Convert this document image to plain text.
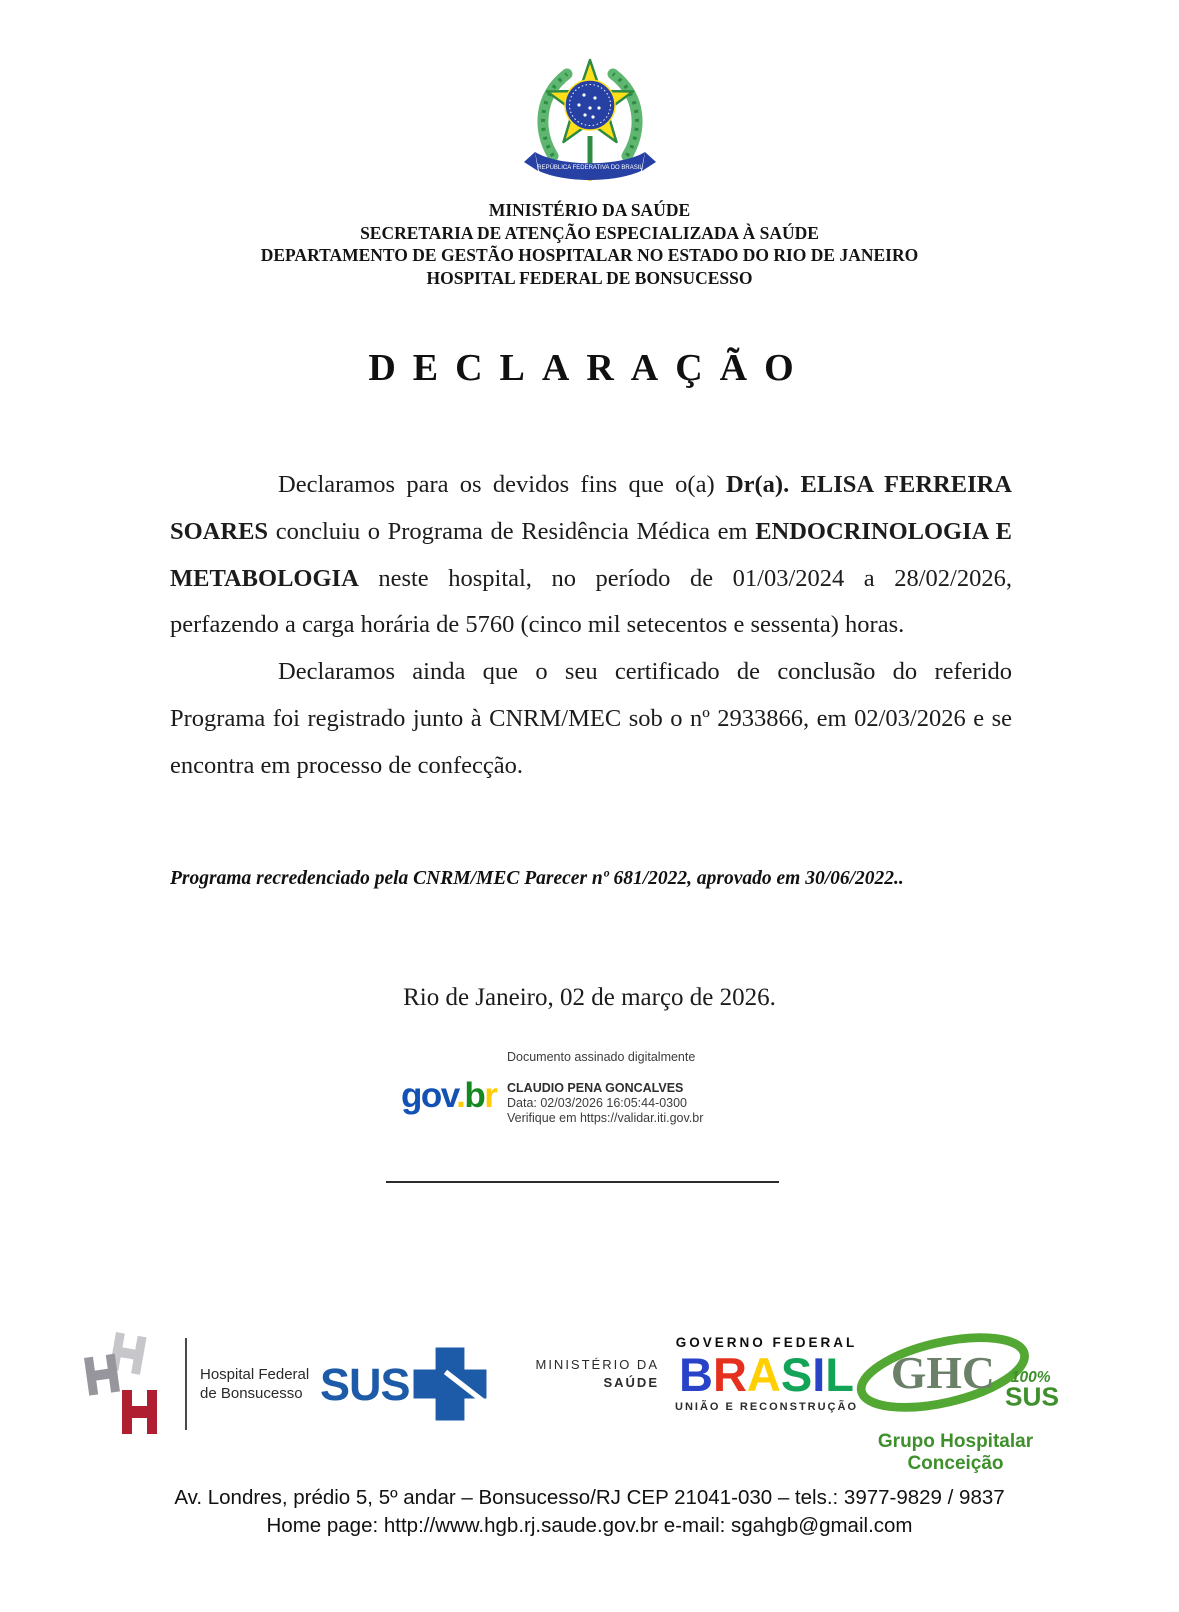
REPÚBLICA FEDERATIVA DO BRASIL
MINISTÉRIO DA SAÚDE
SECRETARIA DE ATENÇÃO ESPECIALIZADA À SAÚDE
DEPARTAMENTO DE GESTÃO HOSPITALAR NO ESTADO DO RIO DE JANEIRO
HOSPITAL FEDERAL DE BONSUCESSO
DECLARAÇÃO

Declaramos para os devidos fins que o(a) Dr(a). ELISA FERREIRA SOARES concluiu o Programa de Residência Médica em ENDOCRINOLOGIA E METABOLOGIA neste hospital, no período de 01/03/2024 a 28/02/2026, perfazendo a carga horária de 5760 (cinco mil setecentos e sessenta) horas.

Declaramos ainda que o seu certificado de conclusão do referido Programa foi registrado junto à CNRM/MEC sob o nº 2933866, em 02/03/2026 e se encontra em processo de confecção.

Programa recredenciado pela CNRM/MEC Parecer nº 681/2022, aprovado em 30/06/2022..
Rio de Janeiro, 02 de março de 2026.
gov.br
Documento assinado digitalmente
CLAUDIO PENA GONCALVES
Data: 02/03/2026 16:05:44-0300
Verifique em https://validar.iti.gov.br
Hospital Federal
de Bonsucesso SUS	MINISTÉRIO DA
SAÚDE
GOVERNO FEDERAL
BRASIL
UNIÃO E RECONSTRUÇÃO
GHC 100%
SUS
Grupo Hospitalar Conceição
Av. Londres, prédio 5, 5º andar – Bonsucesso/RJ CEP 21041-030 – tels.: 3977-9829 / 9837
Home page: http://www.hgb.rj.saude.gov.br e-mail: sgahgb@gmail.com
